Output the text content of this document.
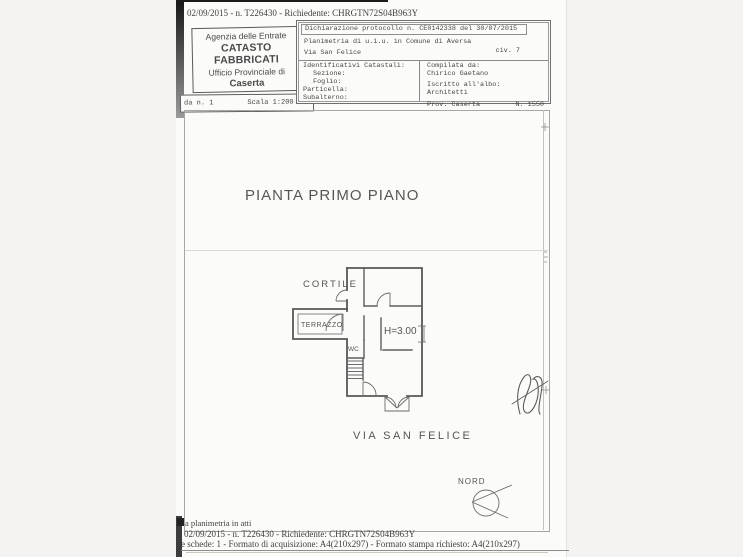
02/09/2015 - n. T226430 - Richiedente: CHRGTN72S04B963Y
Agenzia delle Entrate
CATASTO FABBRICATI
Ufficio Provinciale di
Caserta
da n. 1	Scala 1:200
Dichiarazione protocollo n. CE0142338 del 30/07/2015
Planimetria di u.i.u. in Comune di Aversa
Via San Felice	civ. 7
Identificativi Catastali:
Sezione:
Foglio:
Particella:
Subalterno:
Compilata da:
Chirico Gaetano
Iscritto all'albo:
Architetti
Prov. Caserta	N. 1550
PIANTA PRIMO PIANO
CORTILE
TERRAZZO
WC
H=3.00
VIA SAN FELICE
NORD
a planimetria in atti
02/09/2015 - n. T226430 - Richiedente: CHRGTN72S04B963Y
e schede: 1 - Formato di acquisizione: A4(210x297) - Formato stampa richiesto: A4(210x297)
